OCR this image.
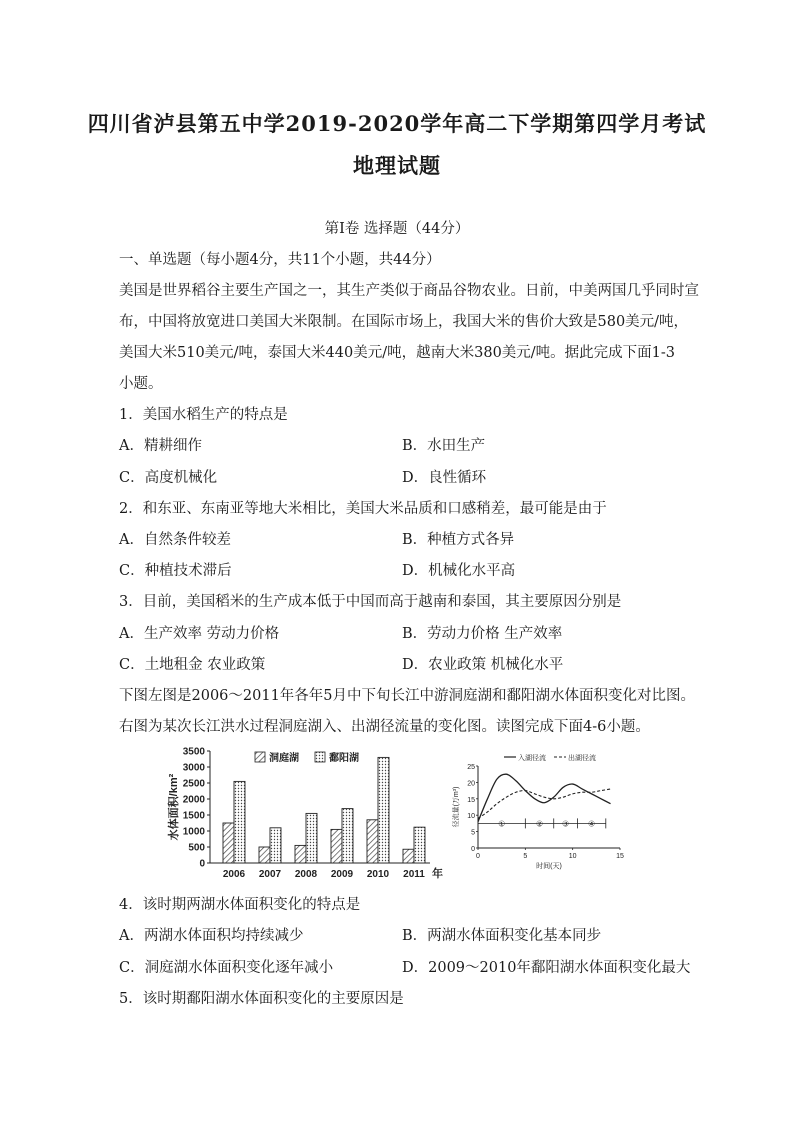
四川省泸县第五中学2019-2020学年高二下学期第四学月考试
地理试题
第I卷 选择题（44分）
一、单选题（每小题4分，共11个小题，共44分）
美国是世界稻谷主要生产国之一，其生产类似于商品谷物农业。日前，中美两国几乎同时宣
布，中国将放宽进口美国大米限制。在国际市场上，我国大米的售价大致是580美元/吨，
美国大米510美元/吨，泰国大米440美元/吨，越南大米380美元/吨。据此完成下面1-3
小题。
1．美国水稻生产的特点是
A．精耕细作	B．水田生产
C．高度机械化	D．良性循环
2．和东亚、东南亚等地大米相比，美国大米品质和口感稍差，最可能是由于
A．自然条件较差	B．种植方式各异
C．种植技术滞后	D．机械化水平高
3．目前，美国稻米的生产成本低于中国而高于越南和泰国，其主要原因分别是
A．生产效率 劳动力价格	B．劳动力价格 生产效率
C．土地租金 农业政策	D．农业政策 机械化水平
下图左图是2006～2011年各年5月中下旬长江中游洞庭湖和鄱阳湖水体面积变化对比图。
右图为某次长江洪水过程洞庭湖入、出湖径流量的变化图。读图完成下面4-6小题。
0
500
1000
1500
2000
2500
3000
3500
水体面积/km²
2006 2007 2008 2009 2010 2011 年
洞庭湖	鄱阳湖
0
5
10
15
20
25
0	5	10	15
时间(天)
径流量(万m³)	①	② ③ ④
入湖径流	出湖径流
4．该时期两湖水体面积变化的特点是
A．两湖水体面积均持续减少	B．两湖水体面积变化基本同步
C．洞庭湖水体面积变化逐年减小	D．2009～2010年鄱阳湖水体面积变化最大
5．该时期鄱阳湖水体面积变化的主要原因是
